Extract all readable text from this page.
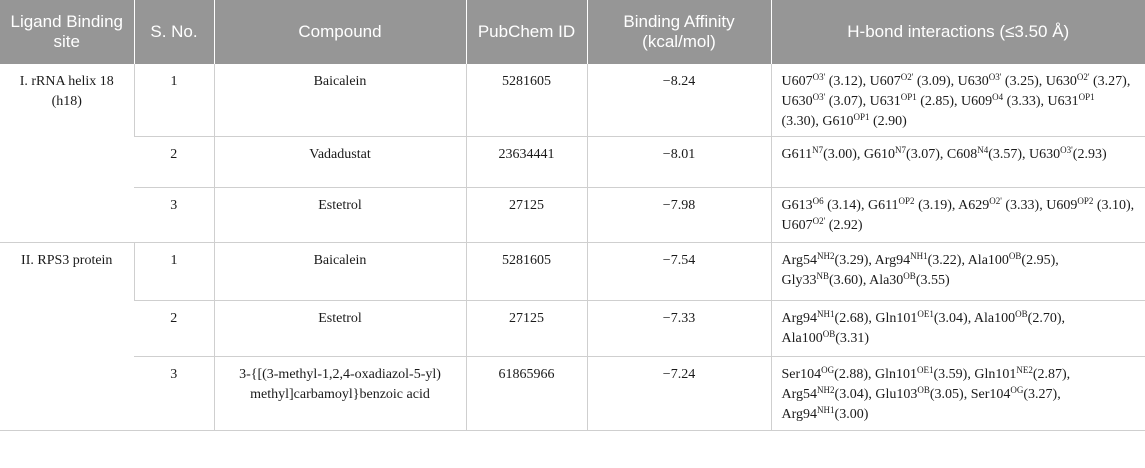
Ligand Binding site	S. No.	Compound	PubChem ID	Binding Affinity (kcal/mol)	H-bond interactions (≤3.50 Å)
I. rRNA helix 18 (h18)	1	Baicalein	5281605	−8.24	$U607^{O3'}$ (3.12), $U607^{O2'}$ (3.09), $U630^{O3'}$ (3.25), $U630^{O2'}$ (3.27), $U630^{O3'}$ (3.07), $U631^{OP1}$ (2.85), $U609^{O4}$ (3.33), $U631^{OP1}$ (3.30), $G610^{OP1}$ (2.90)
	2	Vadadustat	23634441	−8.01	$G611^{N7}(3.00)$, $G610^{N7}(3.07)$, $C608^{N4}(3.57)$, $U630^{O3'}(2.93)$
	3	Estetrol	27125	−7.98	$G613^{O6}$ (3.14), $G611^{OP2}$ (3.19), $A629^{O2'}$ (3.33), $U609^{OP2}$ (3.10), $U607^{O2'}$ (2.92)
II. RPS3 protein	1	Baicalein	5281605	−7.54	$Arg54^{NH2}(3.29)$, $Arg94^{NH1}(3.22)$, $Ala100^{OB}(2.95)$, $Gly33^{NB}(3.60)$, $Ala30^{OB}(3.55)$
	2	Estetrol	27125	−7.33	$Arg94^{NH1}(2.68)$, $Gln101^{OE1}(3.04)$, $Ala100^{OB}(2.70)$, $Ala100^{OB}(3.31)$
	3	3-{[(3-methyl-1,2,4-oxadiazol-5-yl) methyl]carbamoyl}benzoic acid	61865966	−7.24	$Ser104^{OG}(2.88)$, $Gln101^{OE1}(3.59)$, $Gln101^{NE2}(2.87)$, $Arg54^{NH2}(3.04)$, $Glu103^{OB}(3.05)$, $Ser104^{OG}(3.27)$, $Arg94^{NH1}(3.00)$
